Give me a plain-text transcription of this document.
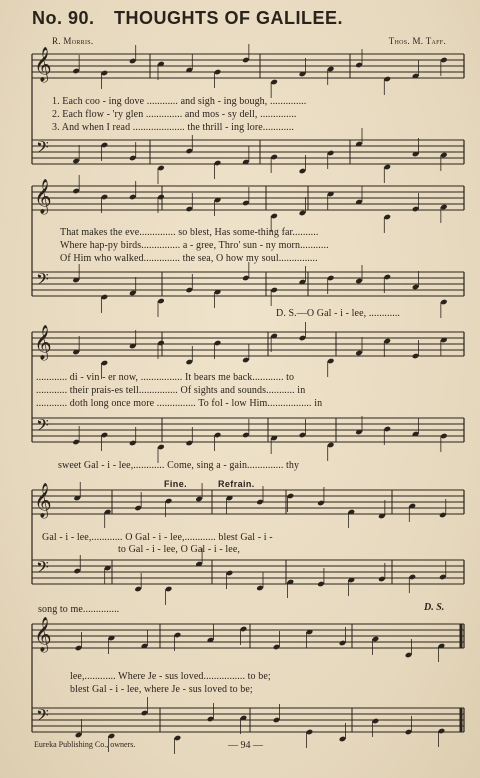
𝄞
𝄢
𝄞
𝄢
𝄞
𝄢
𝄞
𝄢
𝄞
𝄢
No. 90. THOUGHTS OF GALILEE.
R. Morris.	Thos. M. Taff.
1. Each coo - ing dove ............ and sigh - ing bough, ..............
2. Each flow - 'ry glen .............. and mos - sy dell, ..............
3. And when I read .................... the thrill - ing lore............
That makes the eve.............. so blest, Has some-thing far..........
Where hap-py birds............... a - gree, Thro' sun - ny morn...........
Of Him who walked.............. the sea, O how my soul...............
D. S.—O Gal - i - lee, ............
............ di - vin - er now, ................ It bears me back............ to
............ their prais-es tell............... Of sights and sounds........... in
............ doth long once more ............... To fol - low Him................. in
sweet Gal - i - lee,............ Come, sing a - gain.............. thy
Fine.	Refrain.
Gal - i - lee,............ O Gal - i - lee,............ blest Gal - i -
to Gal - i - lee, O Gal - i - lee,
song to me..............	D. S.
lee,............ Where Je - sus loved................ to be;
blest Gal - i - lee, where Je - sus loved to be;
Eureka Publishing Co., owners.	— 94 —
